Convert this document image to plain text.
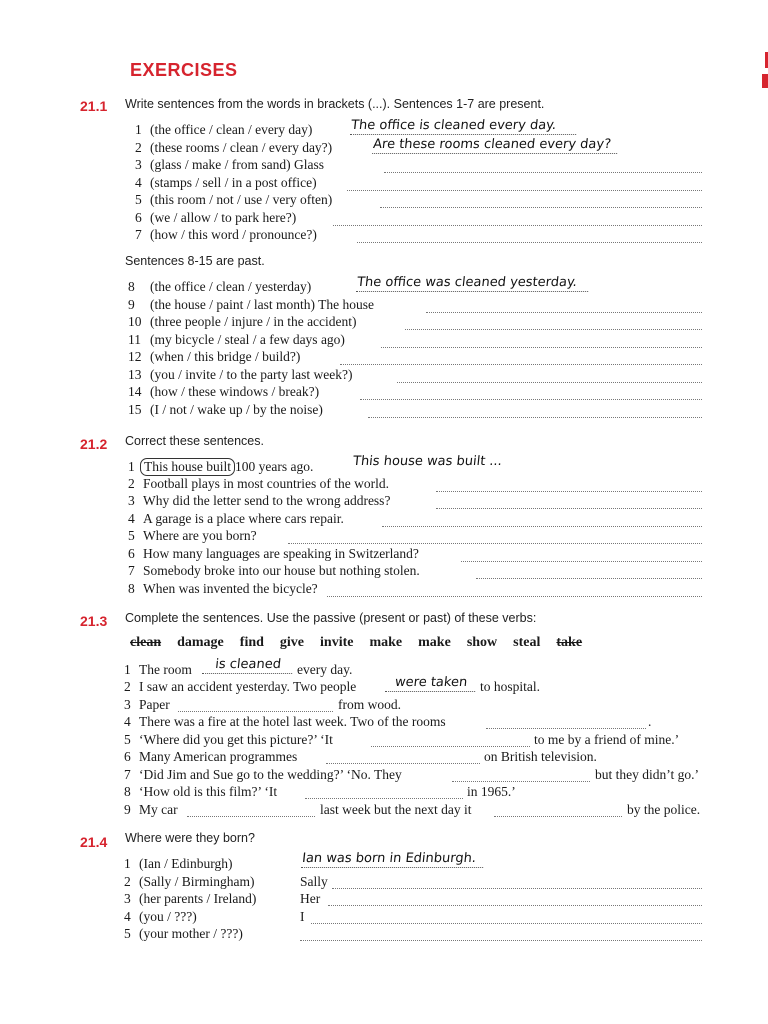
EXERCISES
21.1 Write sentences from the words in brackets (...). Sentences 1-7 are present.
1 (the office / clean / every day)	The office is cleaned every day.
2 (these rooms / clean / every day?)	Are these rooms cleaned every day?
3 (glass / make / from sand) Glass
4 (stamps / sell / in a post office)
5 (this room / not / use / very often)
6 (we / allow / to park here?)
7 (how / this word / pronounce?)
Sentences 8-15 are past.
8	(the office / clean / yesterday)	The office was cleaned yesterday.
9	(the house / paint / last month) The house
10 (three people / injure / in the accident)
11 (my bicycle / steal / a few days ago)
12 (when / this bridge / build?)
13 (you / invite / to the party last week?)
14 (how / these windows / break?)
15 (I / not / wake up / by the noise)
21.2 Correct these sentences.
1 This house built 100 years ago.	This house was built ...
2 Football plays in most countries of the world.
3 Why did the letter send to the wrong address?
4 A garage is a place where cars repair.
5 Where are you born?
6 How many languages are speaking in Switzerland?
7 Somebody broke into our house but nothing stolen.
8 When was invented the bicycle?
21.3 Complete the sentences. Use the passive (present or past) of these verbs:
clean damage find give invite make make show steal take
1 The room	is cleaned	every day.
2 I saw an accident yesterday. Two people	were taken to hospital.
3 Paper	from wood.
4 There was a fire at the hotel last week. Two of the rooms	.
5 ‘Where did you get this picture?’ ‘It	to me by a friend of mine.’
6 Many American programmes	on British television.
7 ‘Did Jim and Sue go to the wedding?’ ‘No. They	but they didn’t go.’
8 ‘How old is this film?’ ‘It	in 1965.’
9 My car	last week but the next day it	by the police.
21.4 Where were they born?
1 (Ian / Edinburgh)	Ian was born in Edinburgh.
2 (Sally / Birmingham)	Sally
3 (her parents / Ireland)	Her
4 (you / ???)	I
5 (your mother / ???)
